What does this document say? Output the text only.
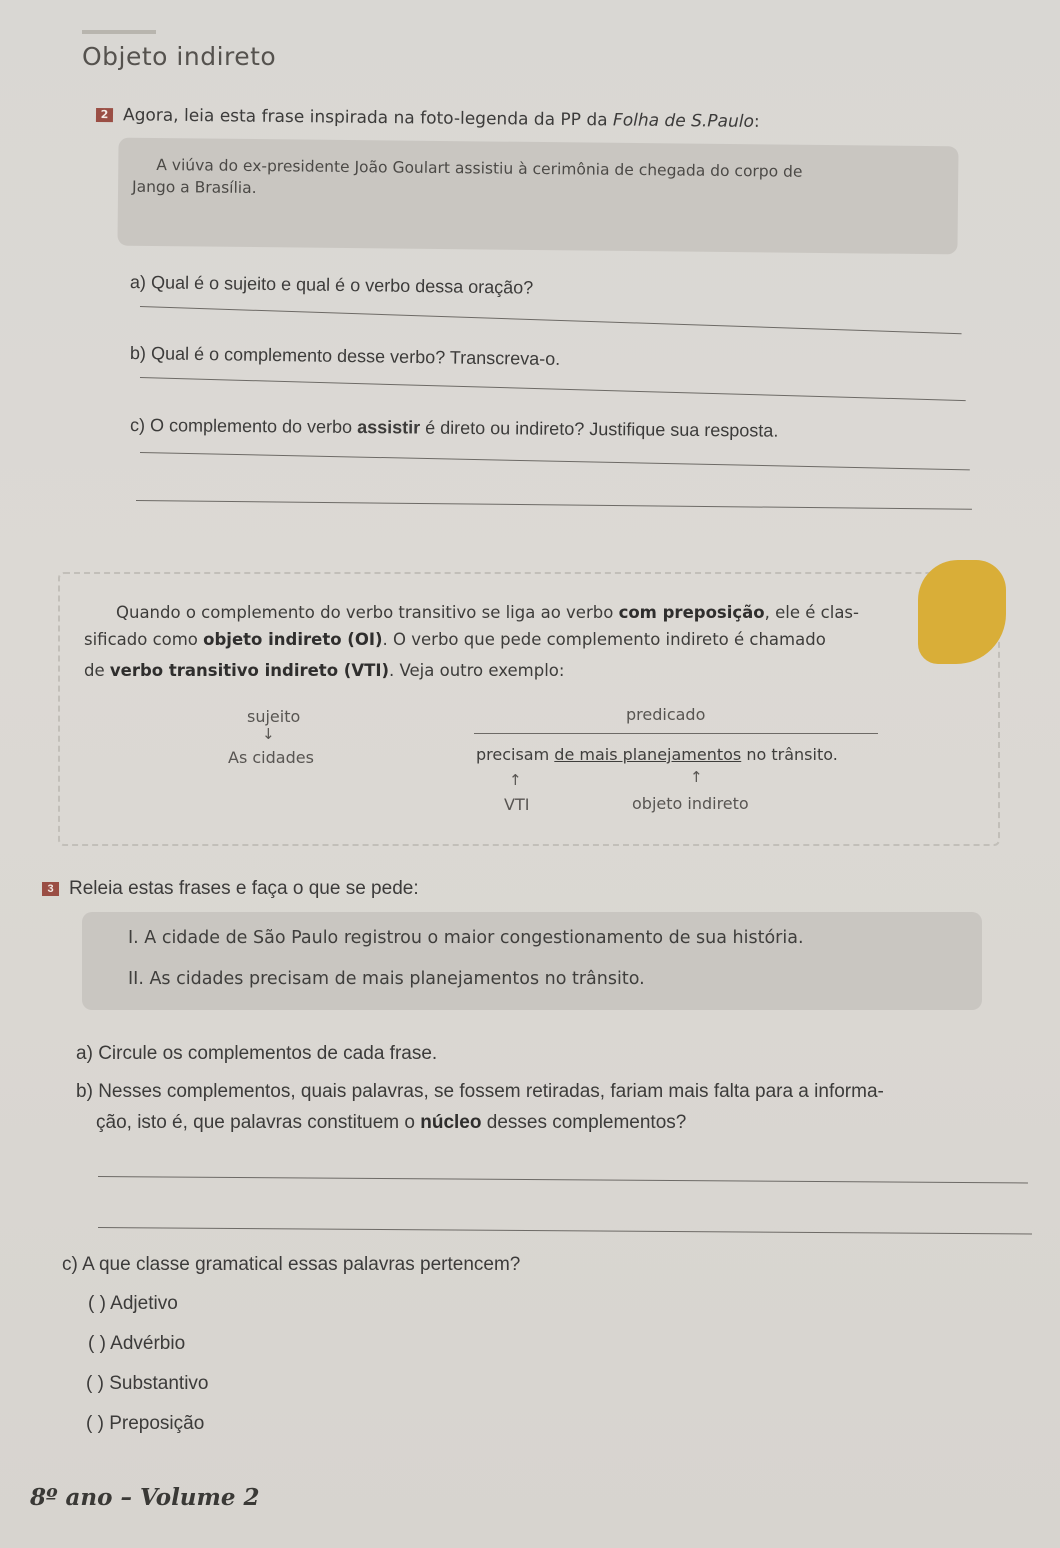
Objeto indireto
2 Agora, leia esta frase inspirada na foto-legenda da PP da Folha de S.Paulo:
A viúva do ex-presidente João Goulart assistiu à cerimônia de chegada do corpo de
Jango a Brasília.
a) Qual é o sujeito e qual é o verbo dessa oração?
b) Qual é o complemento desse verbo? Transcreva-o.
c) O complemento do verbo assistir é direto ou indireto? Justifique sua resposta.
Quando o complemento do verbo transitivo se liga ao verbo com preposição, ele é clas-
sificado como objeto indireto (OI). O verbo que pede complemento indireto é chamado
de verbo transitivo indireto (VTI). Veja outro exemplo:
sujeito
↓
As cidades
predicado
precisam de mais planejamentos no trânsito.
↑	↑
VTI	objeto indireto
3 Releia estas frases e faça o que se pede:
I. A cidade de São Paulo registrou o maior congestionamento de sua história.
II. As cidades precisam de mais planejamentos no trânsito.
a) Circule os complementos de cada frase.
b) Nesses complementos, quais palavras, se fossem retiradas, fariam mais falta para a informa-
ção, isto é, que palavras constituem o núcleo desses complementos?
c) A que classe gramatical essas palavras pertencem?
( ) Adjetivo
( ) Advérbio
( ) Substantivo
( ) Preposição
8º ano – Volume 2
